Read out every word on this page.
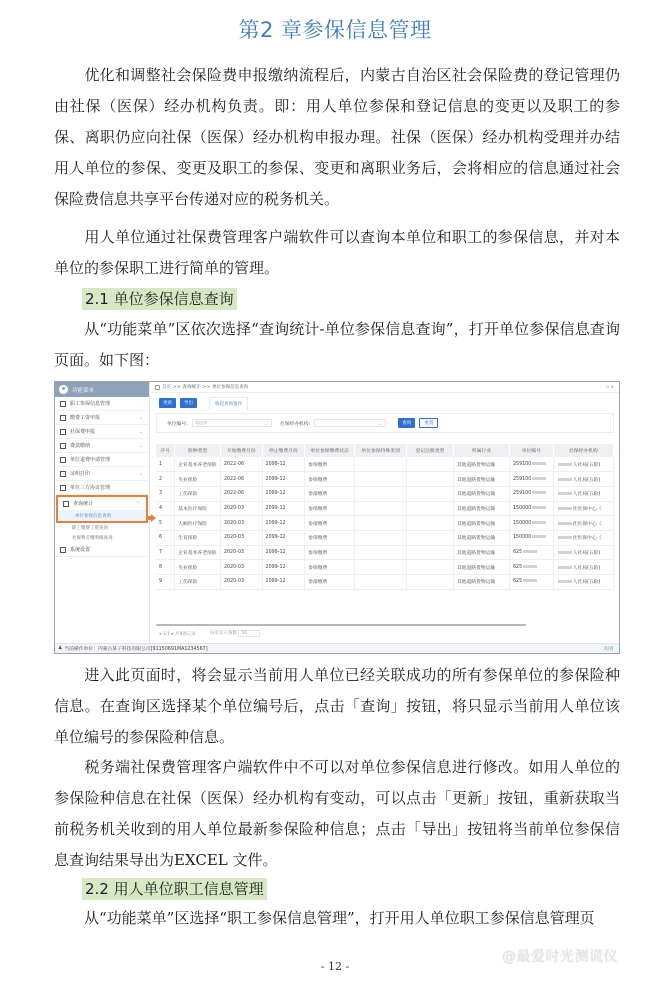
第2 章参保信息管理
优化和调整社会保险费申报缴纳流程后，内蒙古自治区社会保险费的登记管理仍由社保（医保）经办机构负责。即：用人单位参保和登记信息的变更以及职工的参保、离职仍应向社保（医保）经办机构申报办理。社保（医保）经办机构受理并办结用人单位的参保、变更及职工的参保、变更和离职业务后，会将相应的信息通过社会保险费信息共享平台传递对应的税务机关。
用人单位通过社保费管理客户端软件可以查询本单位和职工的参保信息，并对本单位的参保职工进行简单的管理。
2.1 单位参保信息查询
从“功能菜单”区依次选择“查询统计-单位参保信息查询”，打开单位参保信息查询页面。如下图：
功能菜单
职工参保信息管理
缴费工资申报	⌄
社保费申报	⌄
费款缴纳	⌄
单位退费申请管理
证明打印	⌄
单位三方协议管理
查询统计	⌃
单位参保信息查询
职工缴费工资查询
社保费应缴明细查询
系统设置
首页 >> 查询统计 >> 单位参保信息查询	▫ ×
更新	导出	收起查询条件
单位编号: 请选择	⌄	社保经办机构:	⌄	查询	重置
序号	险种类型	开始缴费月份	停止缴费月份	单位参保缴费状态	单位参保特殊类别	登记注册类型	所属行业	单位编号	社保经办机构
1	企业基本养老保险	2022-06	2099-12	参保缴费			其他道路货物运输	259100	人社局(五险)
2	失业保险	2022-06	2099-12	参保缴费			其他道路货物运输	259100	人社局(五险)
3	工伤保险	2022-06	2099-12	参保缴费			其他道路货物运输	259100	人社局(五险)
4	基本医疗保险	2020-03	2099-12	参保缴费			其他道路货物运输	150000	社医保中心（
5	大额医疗保险	2020-03	2099-12	参保缴费			其他道路货物运输	150000	社医保中心（
6	生育保险	2020-03	2099-12	参保缴费			其他道路货物运输	150000	社医保中心（
7	企业基本养老保险	2020-03	2099-12	参保缴费			其他道路货物运输	625	人社局(五险)
8	失业保险	2020-03	2099-12	参保缴费			其他道路货物运输	625	人社局(五险)
9	工伤保险	2020-03	2099-12	参保缴费			其他道路货物运输	625	人社局(五险)
◂ 1/1 ▸ 共9条记录	每页显示条数 50
♟ 当前操作单位：内蒙古某子科技有限公司[91150691MA1234567]	关闭
进入此页面时，将会显示当前用人单位已经关联成功的所有参保单位的参保险种信息。在查询区选择某个单位编号后，点击「查询」按钮，将只显示当前用人单位该单位编号的参保险种信息。
税务端社保费管理客户端软件中不可以对单位参保信息进行修改。如用人单位的参保险种信息在社保（医保）经办机构有变动，可以点击「更新」按钮，重新获取当前税务机关收到的用人单位最新参保险种信息；点击「导出」按钮将当前单位参保信息查询结果导出为EXCEL 文件。
2.2 用人单位职工信息管理
从“功能菜单”区选择“职工参保信息管理”，打开用人单位职工参保信息管理页
@最爱时光测谎仪
- 12 -
